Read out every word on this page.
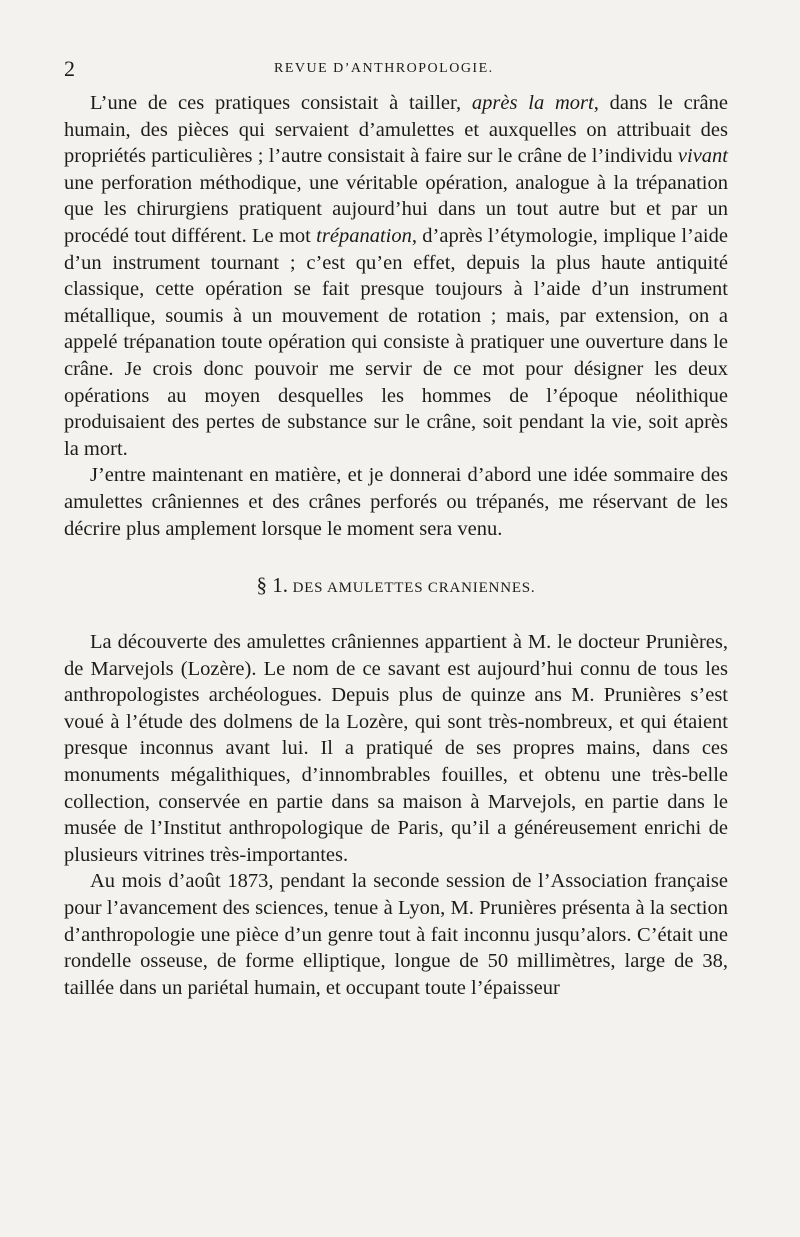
2	REVUE D’ANTHROPOLOGIE.

L’une de ces pratiques consistait à tailler, après la mort, dans le crâne humain, des pièces qui servaient d’amulettes et auxquelles on attribuait des propriétés particulières ; l’autre consistait à faire sur le crâne de l’individu vivant une perforation méthodique, une véritable opération, analogue à la trépanation que les chirurgiens pratiquent aujourd’hui dans un tout autre but et par un procédé tout différent. Le mot trépanation, d’après l’étymologie, implique l’aide d’un instrument tournant ; c’est qu’en effet, depuis la plus haute antiquité classique, cette opération se fait presque toujours à l’aide d’un instrument métallique, soumis à un mouvement de rotation ; mais, par extension, on a appelé trépanation toute opération qui consiste à pratiquer une ouverture dans le crâne. Je crois donc pouvoir me servir de ce mot pour désigner les deux opérations au moyen desquelles les hommes de l’époque néolithique produisaient des pertes de substance sur le crâne, soit pendant la vie, soit après la mort.

J’entre maintenant en matière, et je donnerai d’abord une idée sommaire des amulettes crâniennes et des crânes perforés ou trépanés, me réservant de les décrire plus amplement lorsque le moment sera venu.

§ 1. DES AMULETTES CRANIENNES.

La découverte des amulettes crâniennes appartient à M. le docteur Prunières, de Marvejols (Lozère). Le nom de ce savant est aujourd’hui connu de tous les anthropologistes archéologues. Depuis plus de quinze ans M. Prunières s’est voué à l’étude des dolmens de la Lozère, qui sont très-nombreux, et qui étaient presque inconnus avant lui. Il a pratiqué de ses propres mains, dans ces monuments mégalithiques, d’innombrables fouilles, et obtenu une très-belle collection, conservée en partie dans sa maison à Marvejols, en partie dans le musée de l’Institut anthropologique de Paris, qu’il a généreusement enrichi de plusieurs vitrines très-importantes.

Au mois d’août 1873, pendant la seconde session de l’Association française pour l’avancement des sciences, tenue à Lyon, M. Prunières présenta à la section d’anthropologie une pièce d’un genre tout à fait inconnu jusqu’alors. C’était une rondelle osseuse, de forme elliptique, longue de 50 millimètres, large de 38, taillée dans un pariétal humain, et occupant toute l’épaisseur
